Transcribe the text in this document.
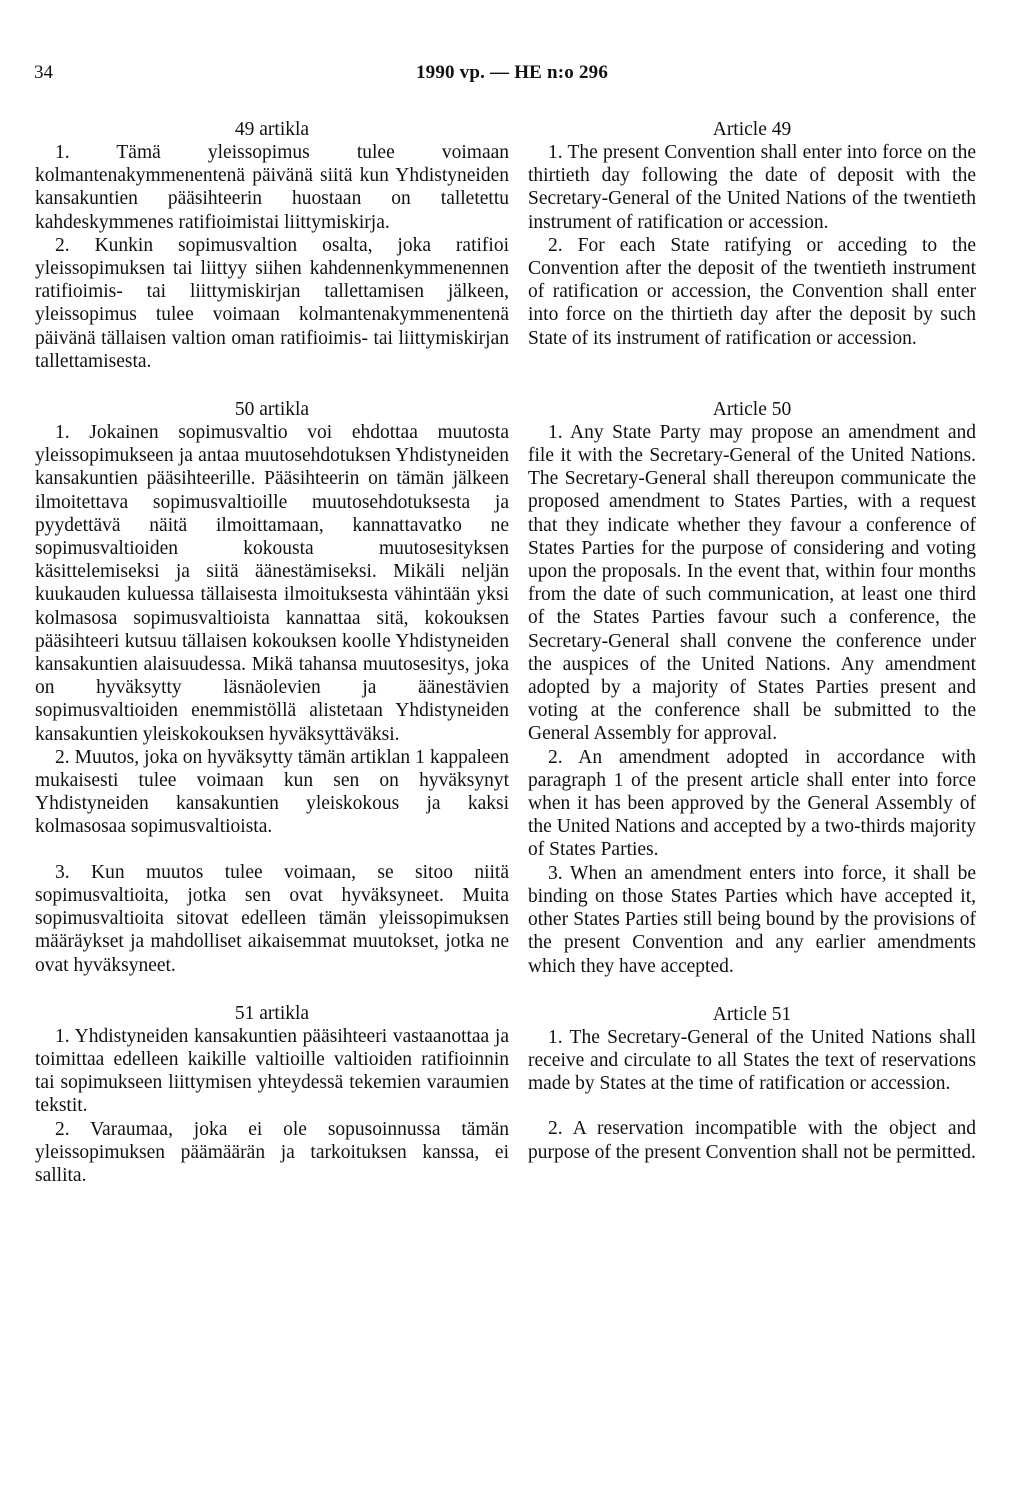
34	1990 vp. — HE n:o 296

49 artikla

1. Tämä yleissopimus tulee voimaan kolmantenakymmenentenä päivänä siitä kun Yhdistyneiden kansakuntien pääsihteerin huostaan on talletettu kahdeskymmenes ratifioimistai liittymiskirja.

2. Kunkin sopimusvaltion osalta, joka ratifioi yleissopimuksen tai liittyy siihen kahdennenkymmenennen ratifioimis- tai liittymiskirjan tallettamisen jälkeen, yleissopimus tulee voimaan kolmantenakymmenentenä päivänä tällaisen valtion oman ratifioimis- tai liittymiskirjan tallettamisesta.

50 artikla

1. Jokainen sopimusvaltio voi ehdottaa muutosta yleissopimukseen ja antaa muutosehdotuksen Yhdistyneiden kansakuntien pääsihteerille. Pääsihteerin on tämän jälkeen ilmoitettava sopimusvaltioille muutosehdotuksesta ja pyydettävä näitä ilmoittamaan, kannattavatko ne sopimusvaltioiden kokousta muutosesityksen käsittelemiseksi ja siitä äänestämiseksi. Mikäli neljän kuukauden kuluessa tällaisesta ilmoituksesta vähintään yksi kolmasosa sopimusvaltioista kannattaa sitä, kokouksen pääsihteeri kutsuu tällaisen kokouksen koolle Yhdistyneiden kansakuntien alaisuudessa. Mikä tahansa muutosesitys, joka on hyväksytty läsnäolevien ja äänestävien sopimusvaltioiden enemmistöllä alistetaan Yhdistyneiden kansakuntien yleiskokouksen hyväksyttäväksi.

2. Muutos, joka on hyväksytty tämän artiklan 1 kappaleen mukaisesti tulee voimaan kun sen on hyväksynyt Yhdistyneiden kansakuntien yleiskokous ja kaksi kolmasosaa sopimusvaltioista.

3. Kun muutos tulee voimaan, se sitoo niitä sopimusvaltioita, jotka sen ovat hyväksyneet. Muita sopimusvaltioita sitovat edelleen tämän yleissopimuksen määräykset ja mahdolliset aikaisemmat muutokset, jotka ne ovat hyväksyneet.

51 artikla

1. Yhdistyneiden kansakuntien pääsihteeri vastaanottaa ja toimittaa edelleen kaikille valtioille valtioiden ratifioinnin tai sopimukseen liittymisen yhteydessä tekemien varaumien tekstit.

2. Varaumaa, joka ei ole sopusoinnussa tämän yleissopimuksen päämäärän ja tarkoituksen kanssa, ei sallita.

Article 49

1. The present Convention shall enter into force on the thirtieth day following the date of deposit with the Secretary-General of the United Nations of the twentieth instrument of ratification or accession.

2. For each State ratifying or acceding to the Convention after the deposit of the twentieth instrument of ratification or accession, the Convention shall enter into force on the thirtieth day after the deposit by such State of its instrument of ratification or accession.

Article 50

1. Any State Party may propose an amendment and file it with the Secretary-General of the United Nations. The Secretary-General shall thereupon communicate the proposed amendment to States Parties, with a request that they indicate whether they favour a conference of States Parties for the purpose of considering and voting upon the proposals. In the event that, within four months from the date of such communication, at least one third of the States Parties favour such a conference, the Secretary-General shall convene the conference under the auspices of the United Nations. Any amendment adopted by a majority of States Parties present and voting at the conference shall be submitted to the General Assembly for approval.

2. An amendment adopted in accordance with paragraph 1 of the present article shall enter into force when it has been approved by the General Assembly of the United Nations and accepted by a two-thirds majority of States Parties.

3. When an amendment enters into force, it shall be binding on those States Parties which have accepted it, other States Parties still being bound by the provisions of the present Convention and any earlier amendments which they have accepted.

Article 51

1. The Secretary-General of the United Nations shall receive and circulate to all States the text of reservations made by States at the time of ratification or accession.

2. A reservation incompatible with the object and purpose of the present Convention shall not be permitted.
